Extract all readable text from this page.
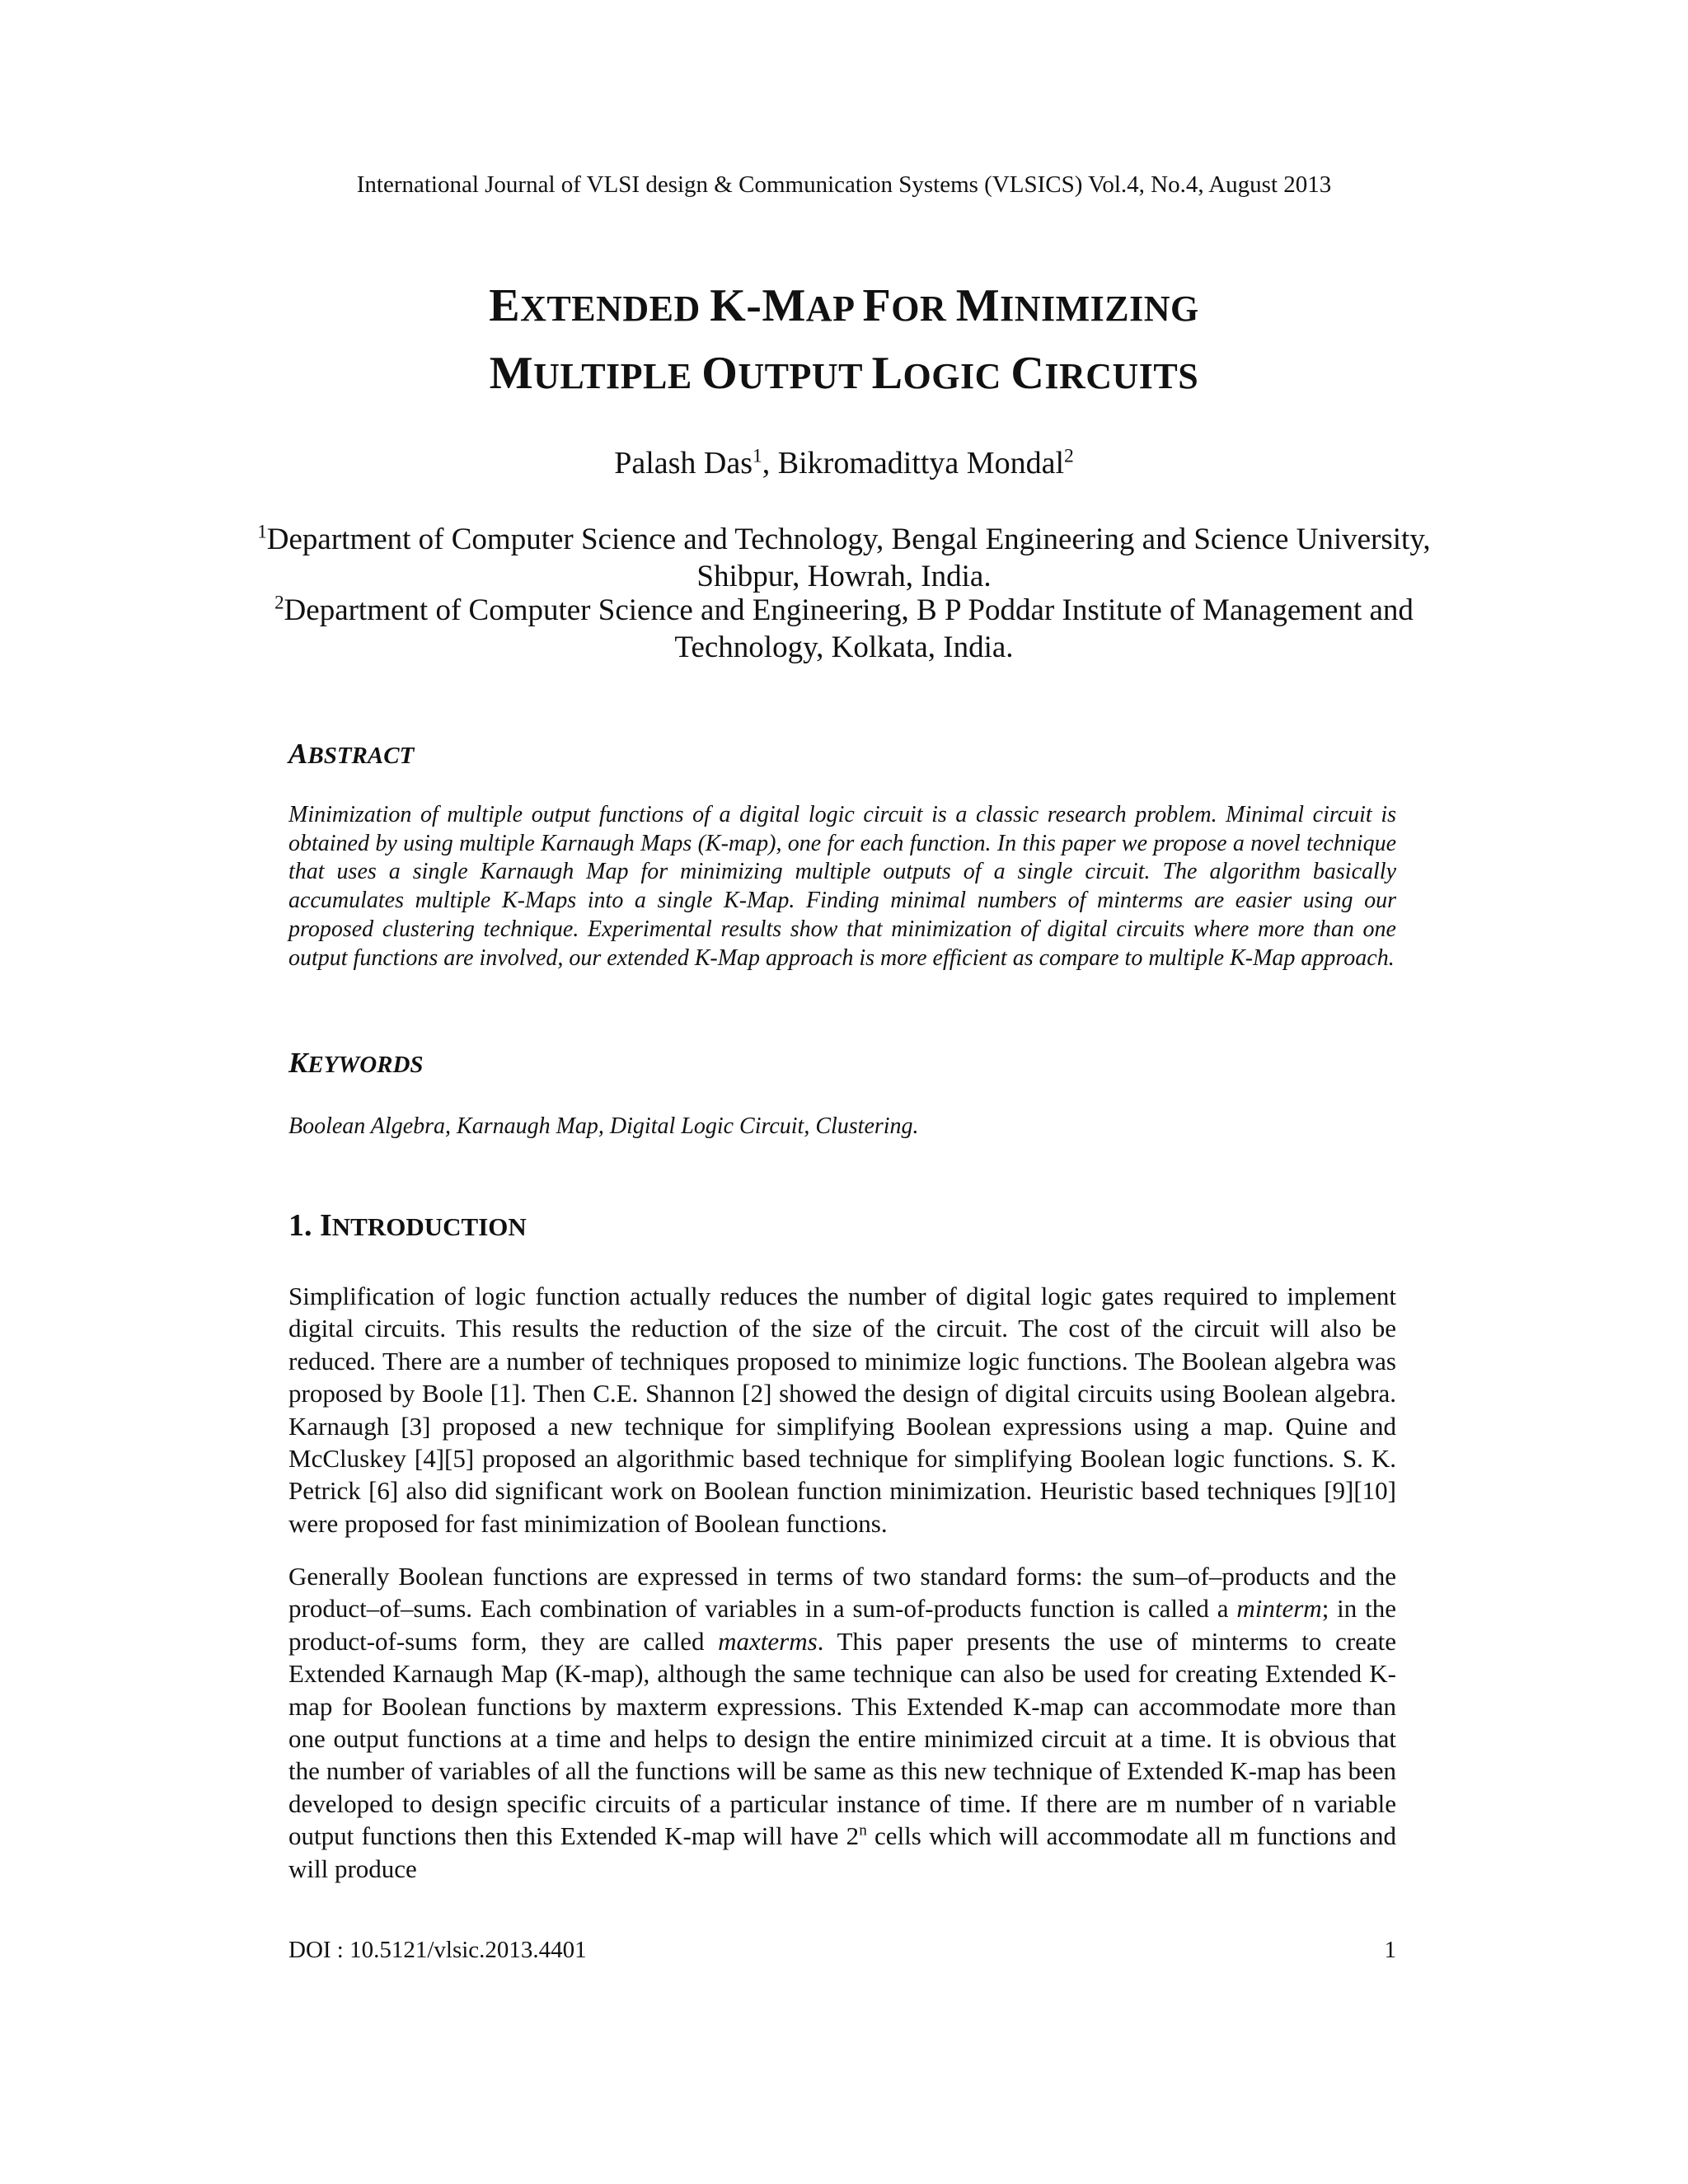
International Journal of VLSI design & Communication Systems (VLSICS) Vol.4, No.4, August 2013
EXTENDED K-MAP FOR MINIMIZING
MULTIPLE OUTPUT LOGIC CIRCUITS
Palash Das$^1$, Bikromadittya Mondal$^2$
$^1$Department of Computer Science and Technology, Bengal Engineering and Science University, Shibpur, Howrah, India.
$^2$Department of Computer Science and Engineering, B P Poddar Institute of Management and Technology, Kolkata, India.
ABSTRACT
Minimization of multiple output functions of a digital logic circuit is a classic research problem. Minimal circuit is obtained by using multiple Karnaugh Maps (K-map), one for each function. In this paper we propose a novel technique that uses a single Karnaugh Map for minimizing multiple outputs of a single circuit. The algorithm basically accumulates multiple K-Maps into a single K-Map. Finding minimal numbers of minterms are easier using our proposed clustering technique. Experimental results show that minimization of digital circuits where more than one output functions are involved, our extended K-Map approach is more efficient as compare to multiple K-Map approach.
KEYWORDS
Boolean Algebra, Karnaugh Map, Digital Logic Circuit, Clustering.
1. INTRODUCTION
Simplification of logic function actually reduces the number of digital logic gates required to implement digital circuits. This results the reduction of the size of the circuit. The cost of the circuit will also be reduced. There are a number of techniques proposed to minimize logic functions. The Boolean algebra was proposed by Boole [1]. Then C.E. Shannon [2] showed the design of digital circuits using Boolean algebra. Karnaugh [3] proposed a new technique for simplifying Boolean expressions using a map. Quine and McCluskey [4][5] proposed an algorithmic based technique for simplifying Boolean logic functions. S. K. Petrick [6] also did significant work on Boolean function minimization. Heuristic based techniques [9][10] were proposed for fast minimization of Boolean functions.
Generally Boolean functions are expressed in terms of two standard forms: the sum–of–products and the product–of–sums. Each combination of variables in a sum-of-products function is called a minterm; in the product-of-sums form, they are called maxterms. This paper presents the use of minterms to create Extended Karnaugh Map (K-map), although the same technique can also be used for creating Extended K-map for Boolean functions by maxterm expressions. This Extended K-map can accommodate more than one output functions at a time and helps to design the entire minimized circuit at a time. It is obvious that the number of variables of all the functions will be same as this new technique of Extended K-map has been developed to design specific circuits of a particular instance of time. If there are m number of n variable output functions then this Extended K-map will have 2$^n$ cells which will accommodate all m functions and will produce
DOI : 10.5121/vlsic.2013.4401	1
